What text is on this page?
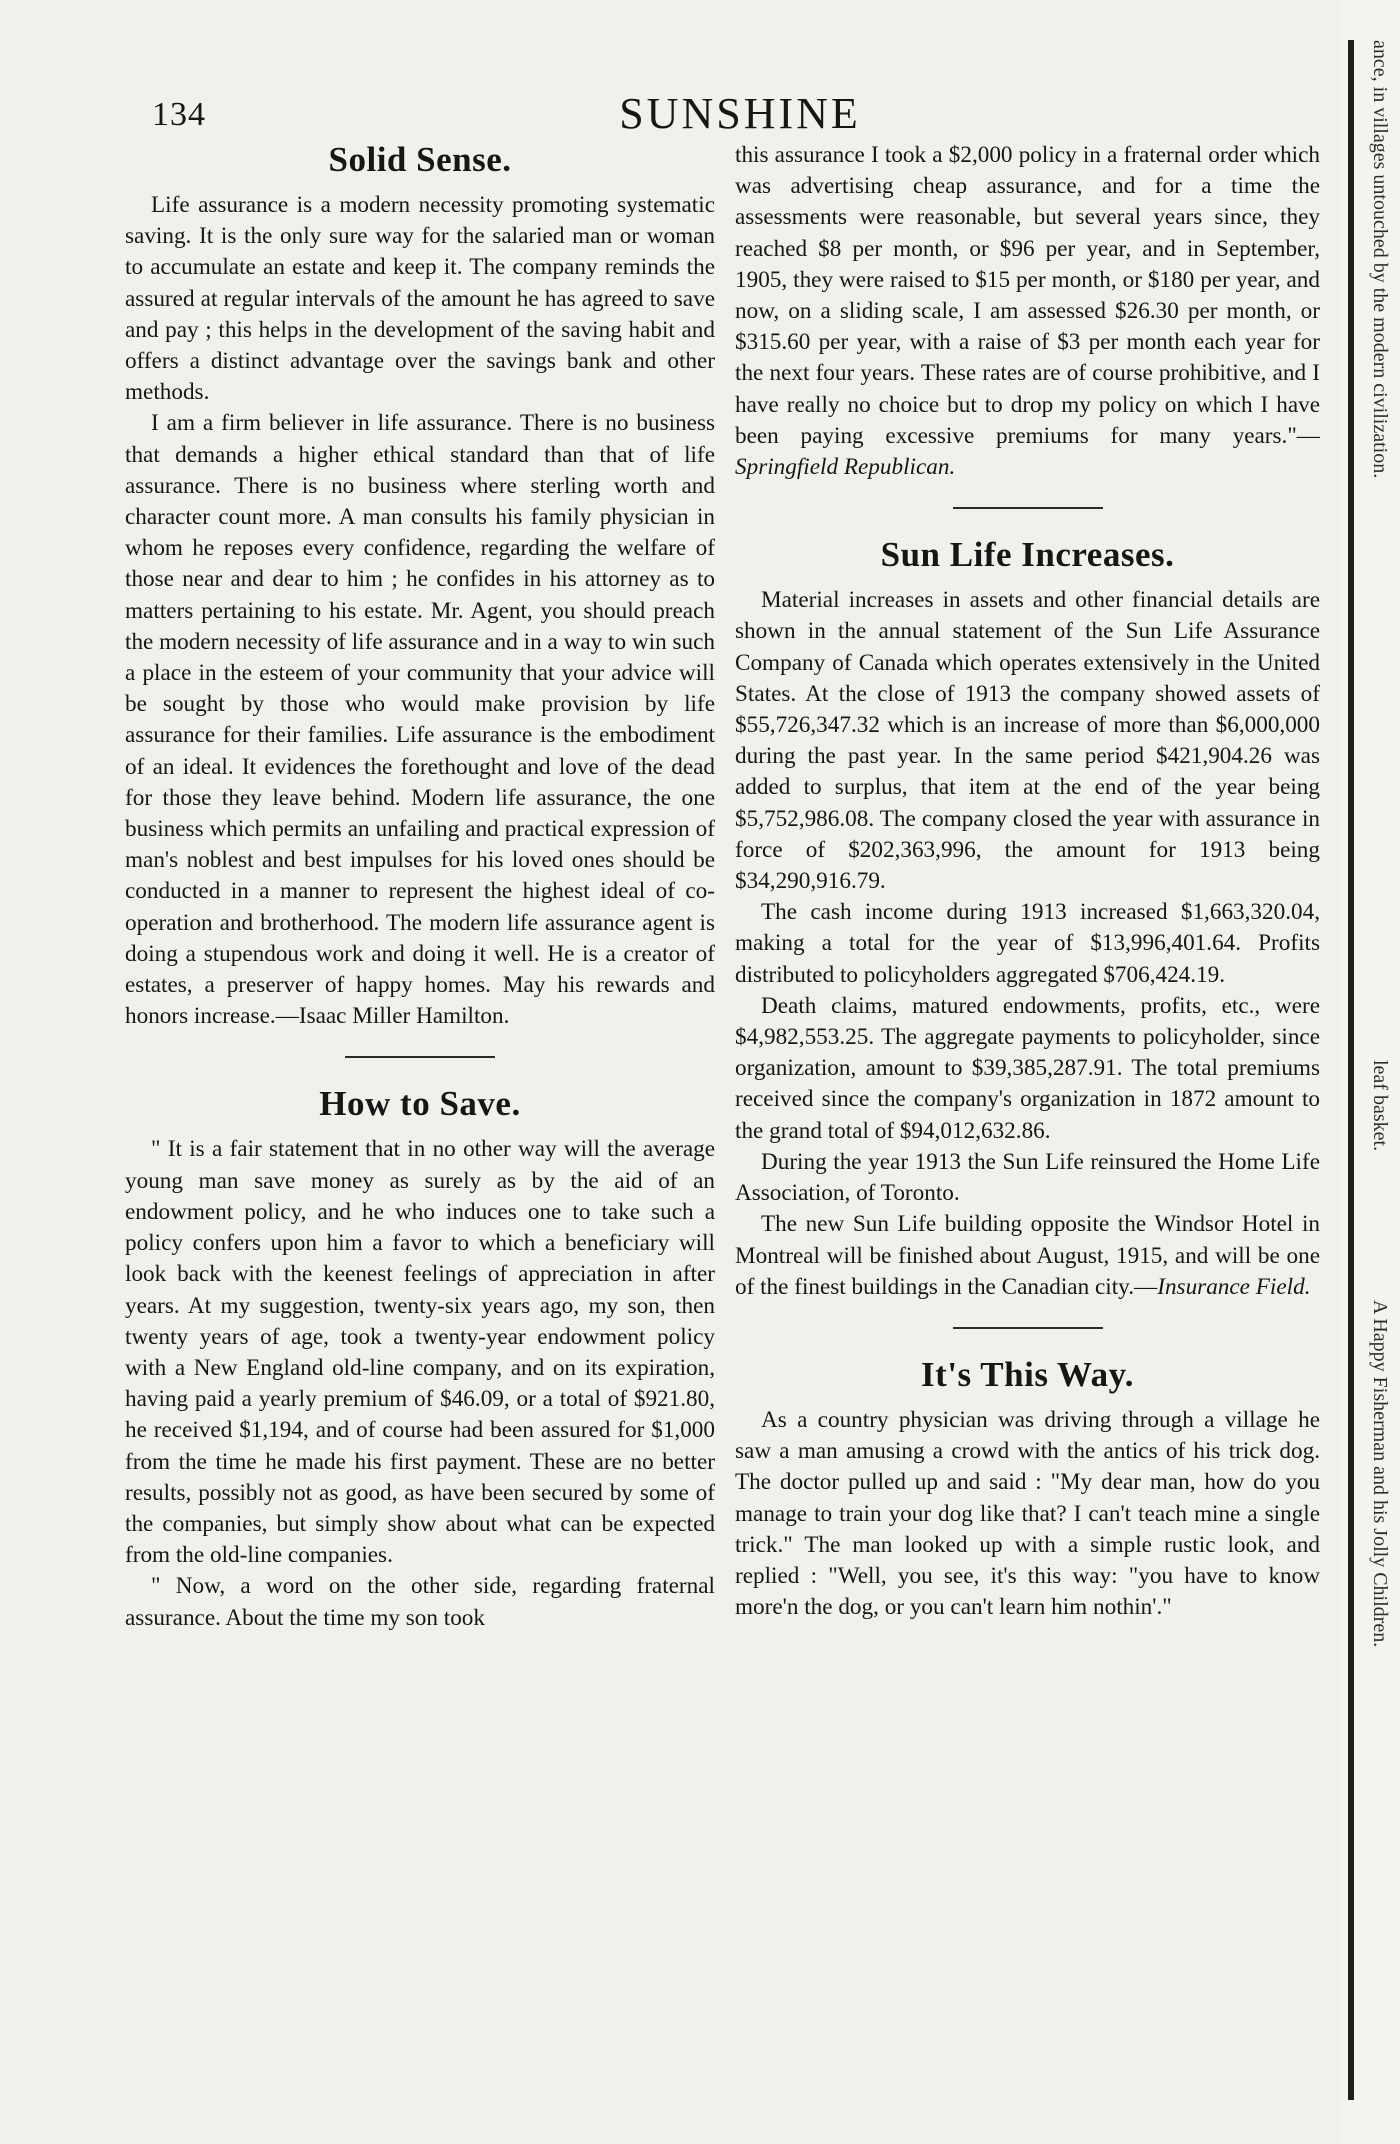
134	SUNSHINE
Solid Sense.

Life assurance is a modern necessity promoting systematic saving. It is the only sure way for the salaried man or woman to accumulate an estate and keep it. The company reminds the assured at regular intervals of the amount he has agreed to save and pay ; this helps in the development of the saving habit and offers a distinct advantage over the savings bank and other methods.

I am a firm believer in life assurance. There is no business that demands a higher ethical standard than that of life assurance. There is no business where sterling worth and character count more. A man consults his family physician in whom he reposes every confidence, regarding the welfare of those near and dear to him ; he confides in his attorney as to matters pertaining to his estate. Mr. Agent, you should preach the modern necessity of life assurance and in a way to win such a place in the esteem of your community that your advice will be sought by those who would make provision by life assurance for their families. Life assurance is the embodiment of an ideal. It evidences the forethought and love of the dead for those they leave behind. Modern life assurance, the one business which permits an unfailing and practical expression of man's noblest and best impulses for his loved ones should be conducted in a manner to represent the highest ideal of co-operation and brotherhood. The modern life assurance agent is doing a stupendous work and doing it well. He is a creator of estates, a preserver of happy homes. May his rewards and honors increase.—Isaac Miller Hamilton.

How to Save.

" It is a fair statement that in no other way will the average young man save money as surely as by the aid of an endowment policy, and he who induces one to take such a policy confers upon him a favor to which a beneficiary will look back with the keenest feelings of appreciation in after years. At my suggestion, twenty-six years ago, my son, then twenty years of age, took a twenty-year endowment policy with a New England old-line company, and on its expiration, having paid a yearly premium of $46.09, or a total of $921.80, he received $1,194, and of course had been assured for $1,000 from the time he made his first payment. These are no better results, possibly not as good, as have been secured by some of the companies, but simply show about what can be expected from the old-line companies.

" Now, a word on the other side, regarding fraternal assurance. About the time my son took

this assurance I took a $2,000 policy in a fraternal order which was advertising cheap assurance, and for a time the assessments were reasonable, but several years since, they reached $8 per month, or $96 per year, and in September, 1905, they were raised to $15 per month, or $180 per year, and now, on a sliding scale, I am assessed $26.30 per month, or $315.60 per year, with a raise of $3 per month each year for the next four years. These rates are of course prohibitive, and I have really no choice but to drop my policy on which I have been paying excessive premiums for many years."—Springfield Republican.

Sun Life Increases.

Material increases in assets and other financial details are shown in the annual statement of the Sun Life Assurance Company of Canada which operates extensively in the United States. At the close of 1913 the company showed assets of $55,726,347.32 which is an increase of more than $6,000,000 during the past year. In the same period $421,904.26 was added to surplus, that item at the end of the year being $5,752,986.08. The company closed the year with assurance in force of $202,363,996, the amount for 1913 being $34,290,916.79.

The cash income during 1913 increased $1,663,320.04, making a total for the year of $13,996,401.64. Profits distributed to policyholders aggregated $706,424.19.

Death claims, matured endowments, profits, etc., were $4,982,553.25. The aggregate payments to policyholder, since organization, amount to $39,385,287.91. The total premiums received since the company's organization in 1872 amount to the grand total of $94,012,632.86.

During the year 1913 the Sun Life reinsured the Home Life Association, of Toronto.

The new Sun Life building opposite the Windsor Hotel in Montreal will be finished about August, 1915, and will be one of the finest buildings in the Canadian city.—Insurance Field.

It's This Way.

As a country physician was driving through a village he saw a man amusing a crowd with the antics of his trick dog. The doctor pulled up and said : "My dear man, how do you manage to train your dog like that? I can't teach mine a single trick." The man looked up with a simple rustic look, and replied : "Well, you see, it's this way: "you have to know more'n the dog, or you can't learn him nothin'."

ance, in villages untouched by the modern civilization.
leaf basket.
A Happy Fisherman and his Jolly Children.
